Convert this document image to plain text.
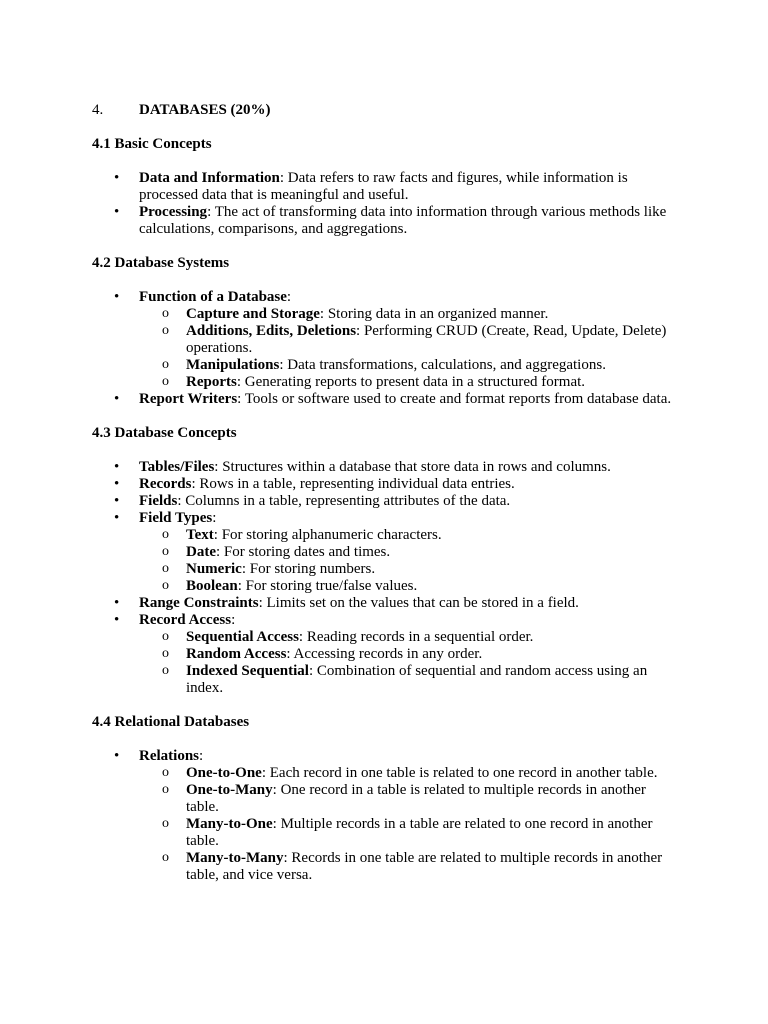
4. DATABASES (20%)
4.1 Basic Concepts
• Data and Information: Data refers to raw facts and figures, while information is processed data that is meaningful and useful.
• Processing: The act of transforming data into information through various methods like calculations, comparisons, and aggregations.
4.2 Database Systems
• Function of a Database:
o Capture and Storage: Storing data in an organized manner.
o Additions, Edits, Deletions: Performing CRUD (Create, Read, Update, Delete) operations.
o Manipulations: Data transformations, calculations, and aggregations.
o Reports: Generating reports to present data in a structured format.
• Report Writers: Tools or software used to create and format reports from database data.
4.3 Database Concepts
• Tables/Files: Structures within a database that store data in rows and columns.
• Records: Rows in a table, representing individual data entries.
• Fields: Columns in a table, representing attributes of the data.
• Field Types:
o Text: For storing alphanumeric characters.
o Date: For storing dates and times.
o Numeric: For storing numbers.
o Boolean: For storing true/false values.
• Range Constraints: Limits set on the values that can be stored in a field.
• Record Access:
o Sequential Access: Reading records in a sequential order.
o Random Access: Accessing records in any order.
o Indexed Sequential: Combination of sequential and random access using an index.
4.4 Relational Databases
• Relations:
o One-to-One: Each record in one table is related to one record in another table.
o One-to-Many: One record in a table is related to multiple records in another table.
o Many-to-One: Multiple records in a table are related to one record in another table.
o Many-to-Many: Records in one table are related to multiple records in another table, and vice versa.
